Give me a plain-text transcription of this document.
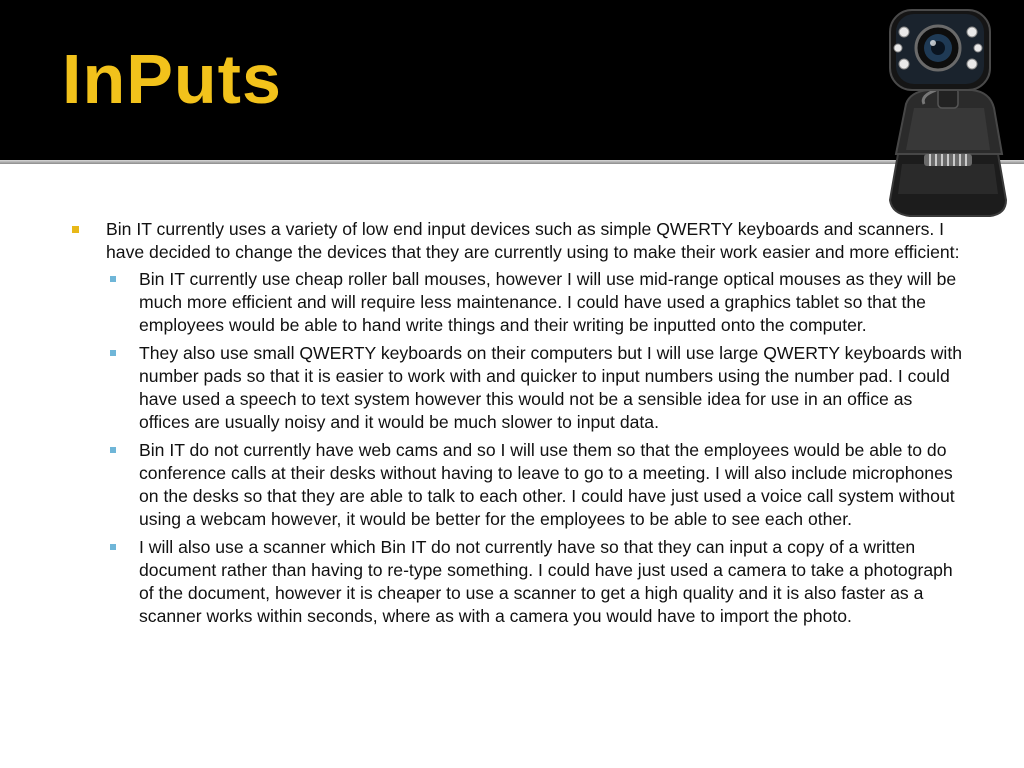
InPuts
Bin IT currently uses a variety of low end input devices such as simple QWERTY keyboards and scanners. I have decided to change the devices that they are currently using to make their work easier and more efficient:
Bin IT currently use cheap roller ball mouses, however I will use mid-range optical mouses as they will be much more efficient and will require less maintenance. I could have used a graphics tablet so that the employees would be able to hand write things and their writing be inputted onto the computer.
They also use small QWERTY keyboards on their computers but I will use large QWERTY keyboards with number pads so that it is easier to work with and quicker to input numbers using the number pad. I could have used a speech to text system however this would not be a sensible idea for use in an office as offices are usually noisy and it would be much slower to input data.
Bin IT do not currently have web cams and so I will use them so that the employees would be able to do conference calls at their desks without having to leave to go to a meeting. I will also include microphones on the desks so that they are able to talk to each other. I could have just used a voice call system without using a webcam however, it would be better for the employees to be able to see each other.
I will also use a scanner which Bin IT do not currently have so that they can input a copy of a written document rather than having to re-type something. I could have just used a camera to take a photograph of the document, however it is cheaper to use a scanner to get a high quality and it is also faster as a scanner works within seconds, where as with a camera you would have to import the photo.
